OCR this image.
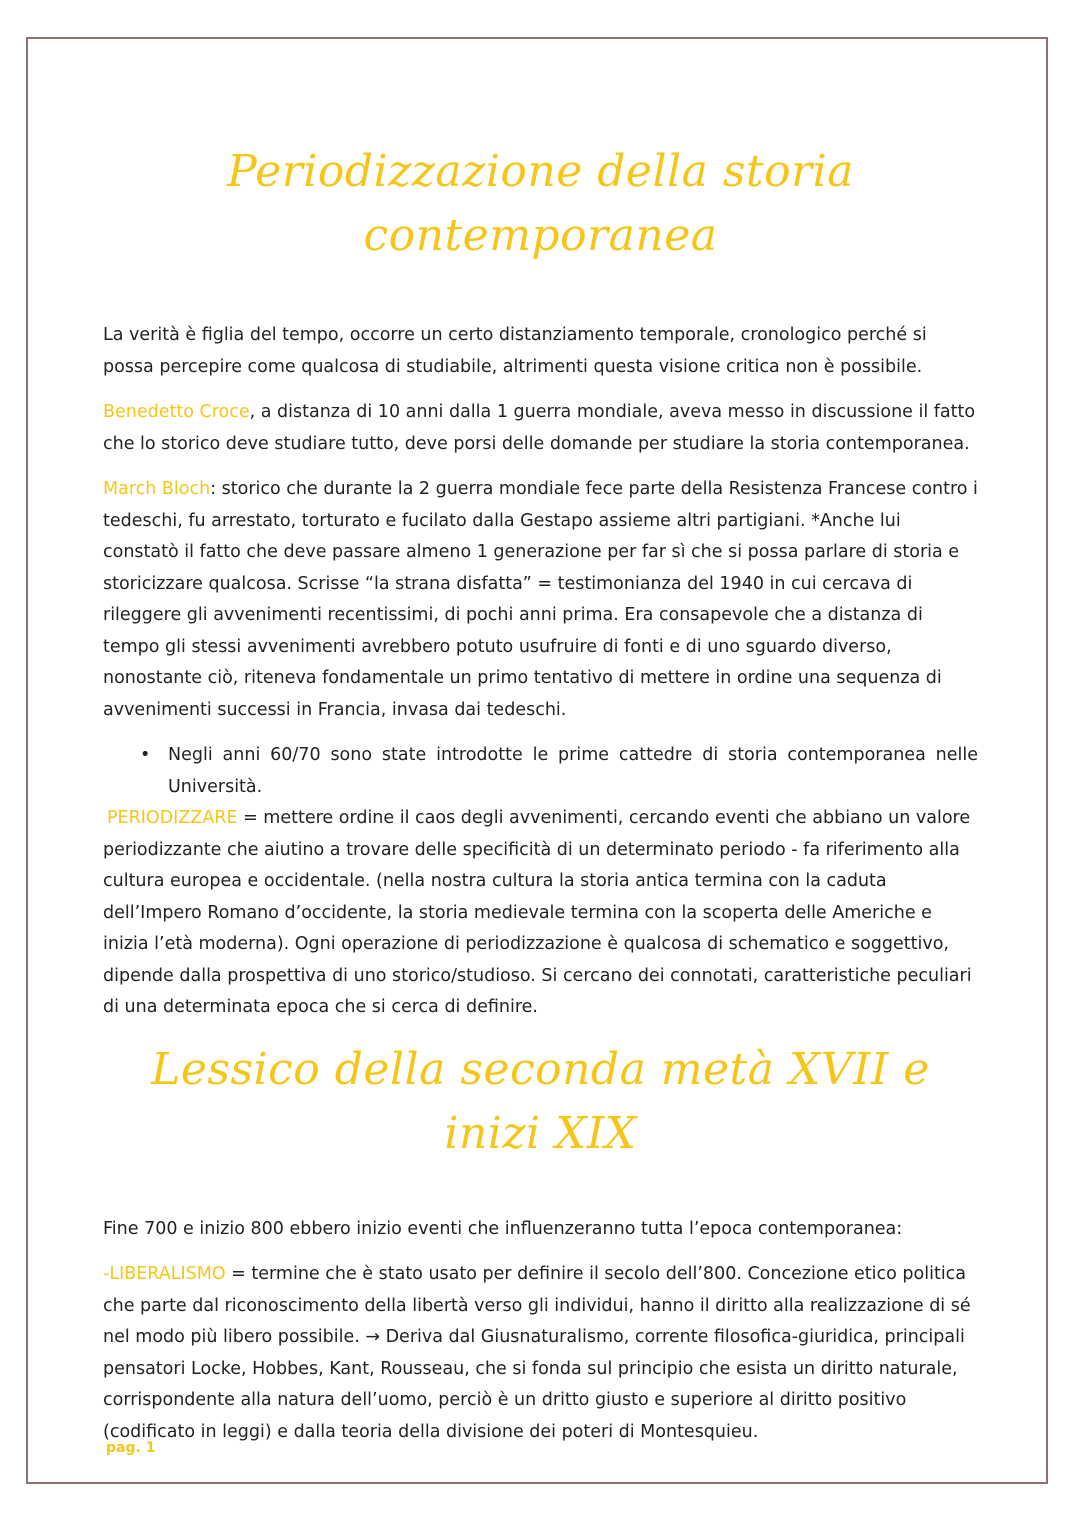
Periodizzazione della storia contemporanea

La verità è figlia del tempo, occorre un certo distanziamento temporale, cronologico perché si possa percepire come qualcosa di studiabile, altrimenti questa visione critica non è possibile.

Benedetto Croce, a distanza di 10 anni dalla 1 guerra mondiale, aveva messo in discussione il fatto che lo storico deve studiare tutto, deve porsi delle domande per studiare la storia contemporanea.

March Bloch: storico che durante la 2 guerra mondiale fece parte della Resistenza Francese contro i tedeschi, fu arrestato, torturato e fucilato dalla Gestapo assieme altri partigiani. *Anche lui constatò il fatto che deve passare almeno 1 generazione per far sì che si possa parlare di storia e storicizzare qualcosa. Scrisse “la strana disfatta” = testimonianza del 1940 in cui cercava di rileggere gli avvenimenti recentissimi, di pochi anni prima. Era consapevole che a distanza di tempo gli stessi avvenimenti avrebbero potuto usufruire di fonti e di uno sguardo diverso, nonostante ciò, riteneva fondamentale un primo tentativo di mettere in ordine una sequenza di avvenimenti successi in Francia, invasa dai tedeschi.

• Negli anni 60/70 sono state introdotte le prime cattedre di storia contemporanea nelle Università.

PERIODIZZARE = mettere ordine il caos degli avvenimenti, cercando eventi che abbiano un valore periodizzante che aiutino a trovare delle specificità di un determinato periodo - fa riferimento alla cultura europea e occidentale. (nella nostra cultura la storia antica termina con la caduta dell’Impero Romano d’occidente, la storia medievale termina con la scoperta delle Americhe e inizia l’età moderna). Ogni operazione di periodizzazione è qualcosa di schematico e soggettivo, dipende dalla prospettiva di uno storico/studioso. Si cercano dei connotati, caratteristiche peculiari di una determinata epoca che si cerca di definire.

Lessico della seconda metà XVII e inizi XIX

Fine 700 e inizio 800 ebbero inizio eventi che influenzeranno tutta l’epoca contemporanea:

-LIBERALISMO = termine che è stato usato per definire il secolo dell’800. Concezione etico politica che parte dal riconoscimento della libertà verso gli individui, hanno il diritto alla realizzazione di sé nel modo più libero possibile. → Deriva dal Giusnaturalismo, corrente filosofica-giuridica, principali pensatori Locke, Hobbes, Kant, Rousseau, che si fonda sul principio che esista un diritto naturale, corrispondente alla natura dell’uomo, perciò è un dritto giusto e superiore al diritto positivo (codificato in leggi) e dalla teoria della divisione dei poteri di Montesquieu.

pag. 1
